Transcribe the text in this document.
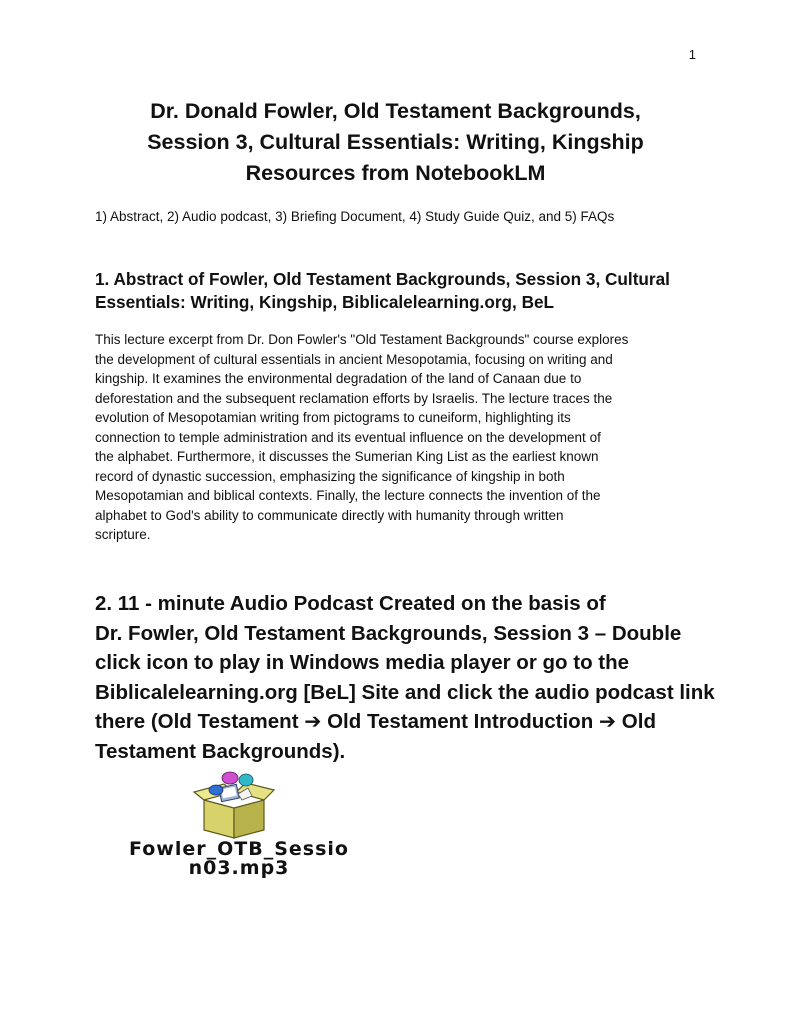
1
Dr. Donald Fowler, Old Testament Backgrounds,
Session 3, Cultural Essentials: Writing, Kingship
Resources from NotebookLM
1) Abstract, 2) Audio podcast, 3) Briefing Document, 4) Study Guide Quiz, and 5) FAQs
1. Abstract of Fowler, Old Testament Backgrounds, Session 3, Cultural
Essentials: Writing, Kingship, Biblicalelearning.org, BeL
This lecture excerpt from Dr. Don Fowler's "Old Testament Backgrounds" course explores
the development of cultural essentials in ancient Mesopotamia, focusing on writing and
kingship. It examines the environmental degradation of the land of Canaan due to
deforestation and the subsequent reclamation efforts by Israelis. The lecture traces the
evolution of Mesopotamian writing from pictograms to cuneiform, highlighting its
connection to temple administration and its eventual influence on the development of
the alphabet. Furthermore, it discusses the Sumerian King List as the earliest known
record of dynastic succession, emphasizing the significance of kingship in both
Mesopotamian and biblical contexts. Finally, the lecture connects the invention of the
alphabet to God's ability to communicate directly with humanity through written
scripture.
2. 11 - minute Audio Podcast Created on the basis of
Dr. Fowler, Old Testament Backgrounds, Session 3 – Double
click icon to play in Windows media player or go to the
Biblicalelearning.org [BeL] Site and click the audio podcast link
there (Old Testament ➔ Old Testament Introduction ➔ Old
Testament Backgrounds).
Fowler_OTB_Sessio
n03.mp3
